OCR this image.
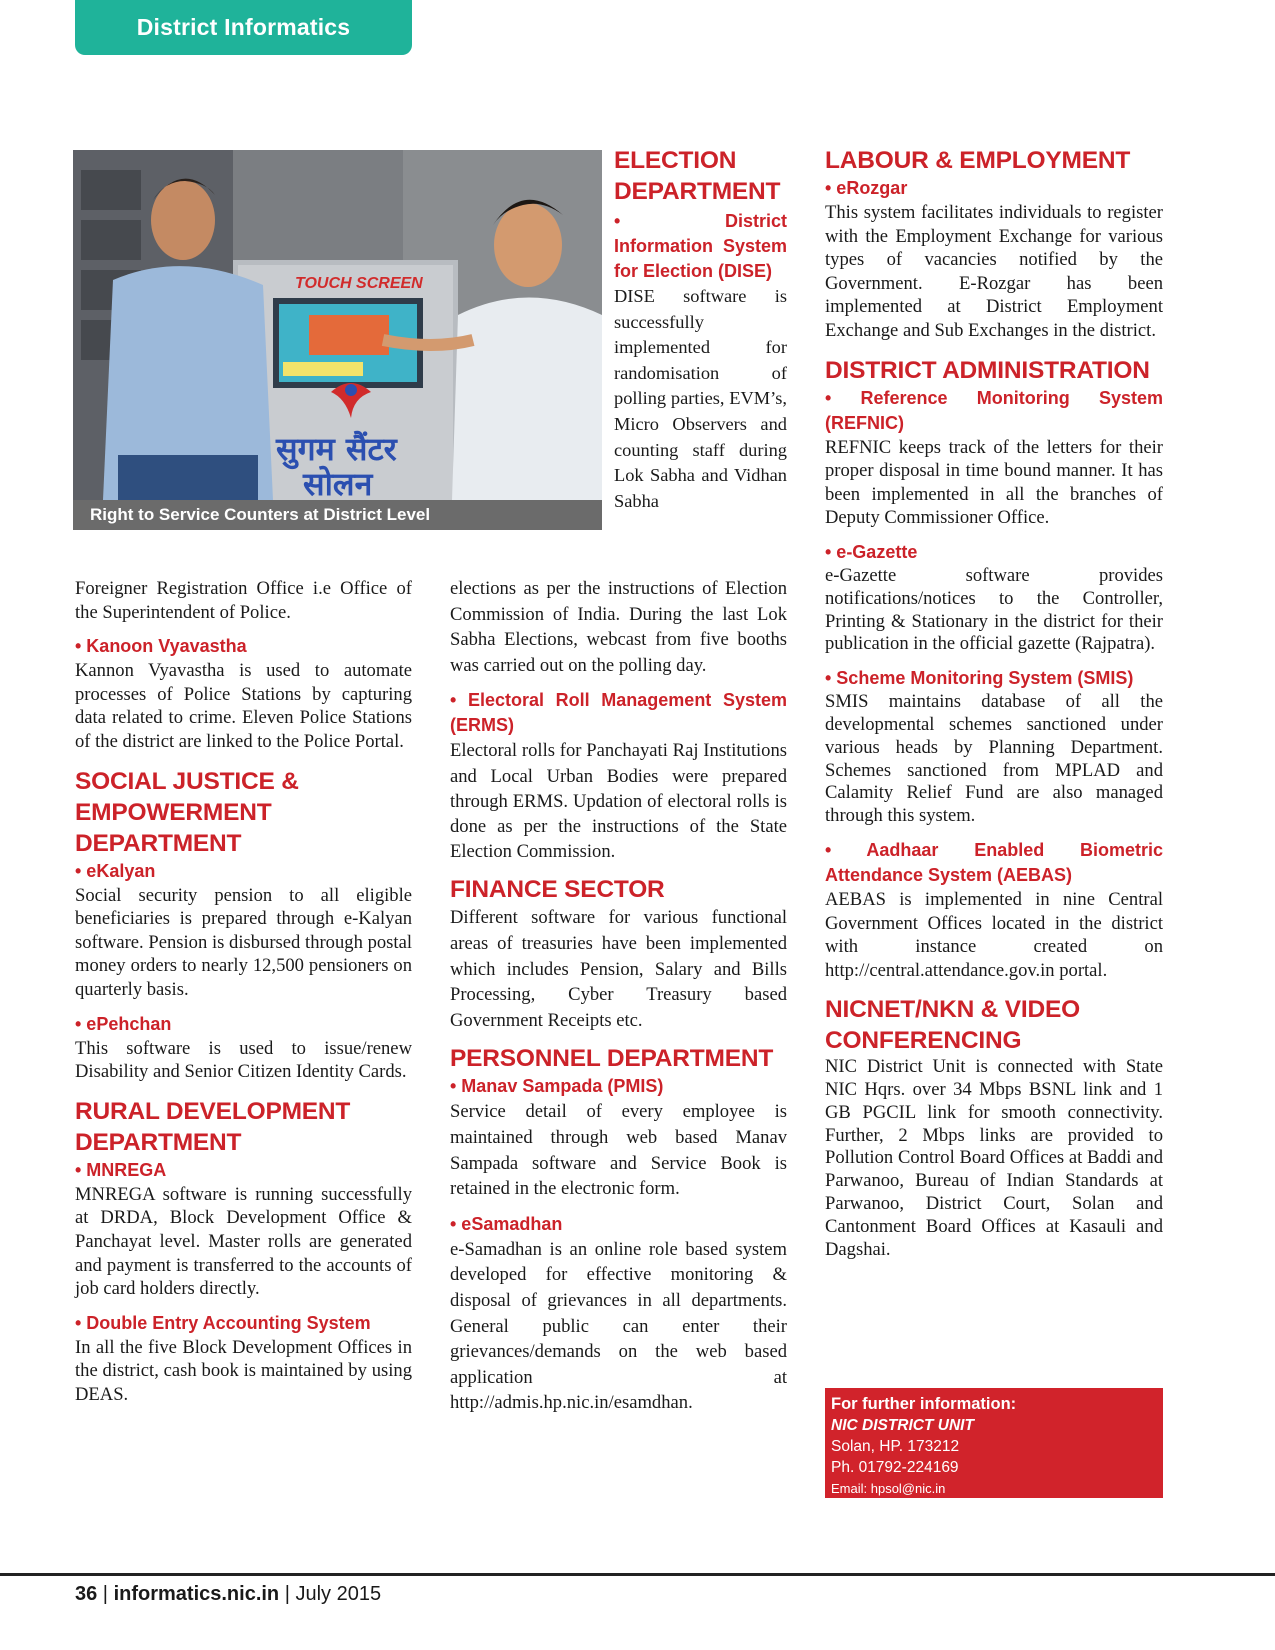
District Informatics
TOUCH SCREEN
सुगम सैंटर
सोलन
Right to Service Counters at District Level

Foreigner Registration Office i.e Office of the Superintendent of Police.

• Kanoon Vyavastha

Kannon Vyavastha is used to automate processes of Police Stations by capturing data related to crime. Eleven Police Stations of the district are linked to the Police Portal.

SOCIAL JUSTICE & EMPOWERMENT DEPARTMENT
• eKalyan

Social security pension to all eligible beneficiaries is prepared through e-Kalyan software. Pension is disbursed through postal money orders to nearly 12,500 pensioners on quarterly basis.

• ePehchan

This software is used to issue/renew Disability and Senior Citizen Identity Cards.

RURAL DEVELOPMENT DEPARTMENT
• MNREGA

MNREGA software is running successfully at DRDA, Block Development Office & Panchayat level. Master rolls are generated and payment is transferred to the accounts of job card holders directly.

• Double Entry Accounting System

In all the five Block Development Offices in the district, cash book is maintained by using DEAS.

ELECTION DEPARTMENT
• District Information System for Election (DISE)

DISE software is successfully implemented for randomisation of polling parties, EVM’s, Micro Observers and counting staff during Lok Sabha and Vidhan Sabha

elections as per the instructions of Election Commission of India. During the last Lok Sabha Elections, webcast from five booths was carried out on the polling day.

• Electoral Roll Management System (ERMS)

Electoral rolls for Panchayati Raj Institutions and Local Urban Bodies were prepared through ERMS. Updation of electoral rolls is done as per the instructions of the State Election Commission.

FINANCE SECTOR

Different software for various functional areas of treasuries have been implemented which includes Pension, Salary and Bills Processing, Cyber Treasury based Government Receipts etc.

PERSONNEL DEPARTMENT
• Manav Sampada (PMIS)

Service detail of every employee is maintained through web based Manav Sampada software and Service Book is retained in the electronic form.

• eSamadhan

e-Samadhan is an online role based system developed for effective monitoring & disposal of grievances in all departments. General public can enter their grievances/demands on the web based application at http://admis.hp.nic.in/esamdhan.

LABOUR & EMPLOYMENT
• eRozgar

This system facilitates individuals to register with the Employment Exchange for various types of vacancies notified by the Government. E-Rozgar has been implemented at District Employment Exchange and Sub Exchanges in the district.

DISTRICT ADMINISTRATION
• Reference Monitoring System (REFNIC)

REFNIC keeps track of the letters for their proper disposal in time bound manner. It has been implemented in all the branches of Deputy Commissioner Office.

• e-Gazette

e-Gazette software provides notifications/notices to the Controller, Printing & Stationary in the district for their publication in the official gazette (Rajpatra).

• Scheme Monitoring System (SMIS)

SMIS maintains database of all the developmental schemes sanctioned under various heads by Planning Department. Schemes sanctioned from MPLAD and Calamity Relief Fund are also managed through this system.

• Aadhaar Enabled Biometric Attendance System (AEBAS)

AEBAS is implemented in nine Central Government Offices located in the district with instance created on http://central.attendance.gov.in portal.

NICNET/NKN & VIDEO CONFERENCING

NIC District Unit is connected with State NIC Hqrs. over 34 Mbps BSNL link and 1 GB PGCIL link for smooth connectivity. Further, 2 Mbps links are provided to Pollution Control Board Offices at Baddi and Parwanoo, Bureau of Indian Standards at Parwanoo, District Court, Solan and Cantonment Board Offices at Kasauli and Dagshai.

For further information:
NIC DISTRICT UNIT
Solan, HP. 173212
Ph. 01792-224169
Email: hpsol@nic.in
36 | informatics.nic.in | July 2015
